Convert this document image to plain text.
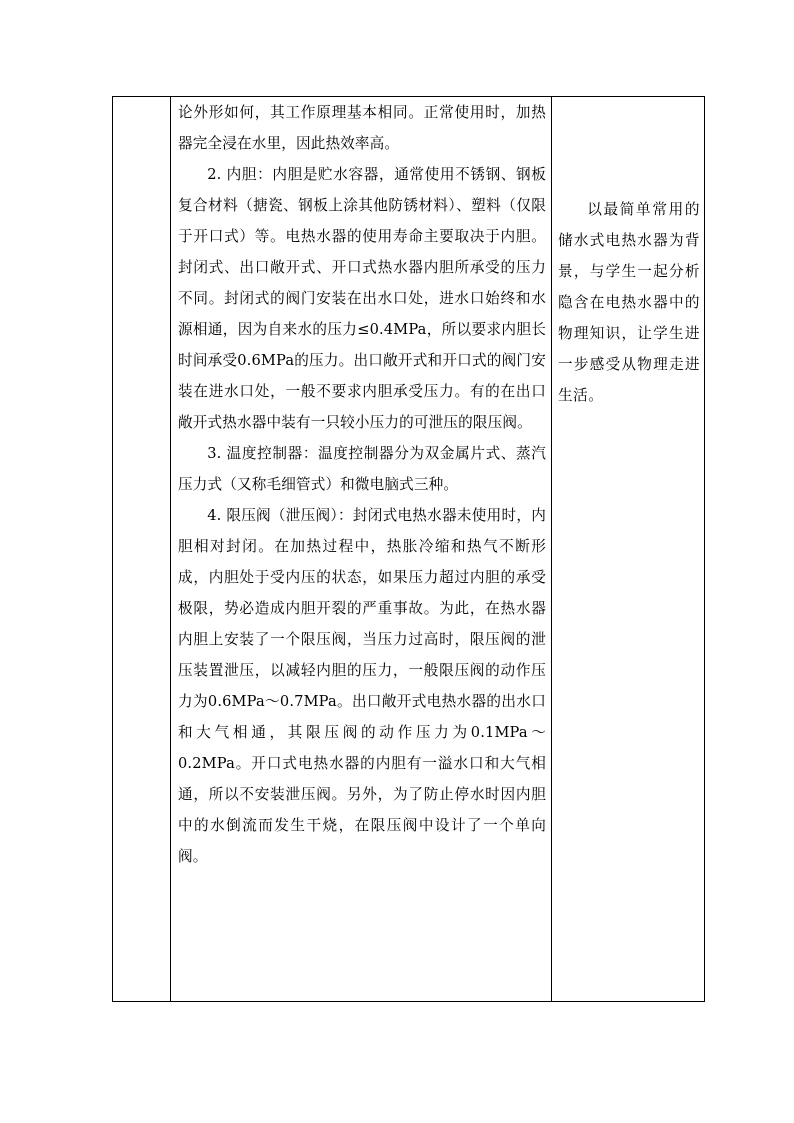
论外形如何，其工作原理基本相同。正常使用时，加热器完全浸在水里，因此热效率高。

2. 内胆：内胆是贮水容器，通常使用不锈钢、钢板复合材料（搪瓷、钢板上涂其他防锈材料）、塑料（仅限于开口式）等。电热水器的使用寿命主要取决于内胆。封闭式、出口敞开式、开口式热水器内胆所承受的压力不同。封闭式的阀门安装在出水口处，进水口始终和水源相通，因为自来水的压力≤0.4MPa，所以要求内胆长时间承受0.6MPa的压力。出口敞开式和开口式的阀门安装在进水口处，一般不要求内胆承受压力。有的在出口敞开式热水器中装有一只较小压力的可泄压的限压阀。

3. 温度控制器：温度控制器分为双金属片式、蒸汽压力式（又称毛细管式）和微电脑式三种。

4. 限压阀（泄压阀）：封闭式电热水器未使用时，内胆相对封闭。在加热过程中，热胀冷缩和热气不断形成，内胆处于受内压的状态，如果压力超过内胆的承受极限，势必造成内胆开裂的严重事故。为此，在热水器内胆上安装了一个限压阀，当压力过高时，限压阀的泄压装置泄压，以减轻内胆的压力，一般限压阀的动作压力为0.6MPa～0.7MPa。出口敞开式电热水器的出水口和大气相通，其限压阀的动作压力为0.1MPa～0.2MPa。开口式电热水器的内胆有一溢水口和大气相通，所以不安装泄压阀。另外，为了防止停水时因内胆中的水倒流而发生干烧，在限压阀中设计了一个单向阀。

以最简单常用的储水式电热水器为背景，与学生一起分析隐含在电热水器中的物理知识，让学生进一步感受从物理走进生活。
